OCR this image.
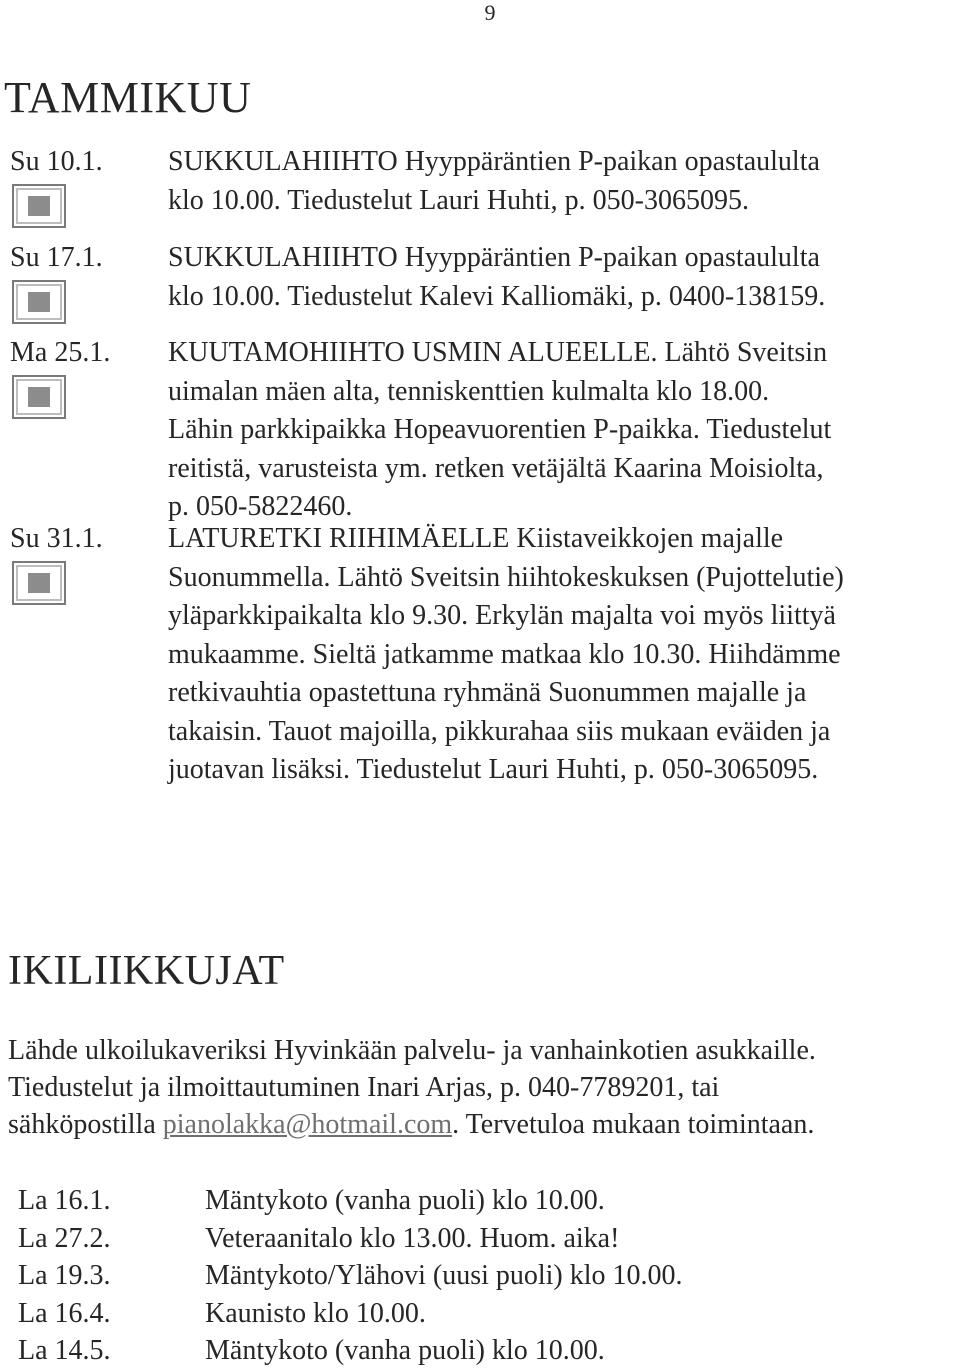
9
TAMMIKUU
Su 10.1. SUKKULAHIIHTO Hyyppäräntien P-paikan opastaululta
klo 10.00. Tiedustelut Lauri Huhti, p. 050-3065095.

Su 17.1. SUKKULAHIIHTO Hyyppäräntien P-paikan opastaululta
klo 10.00. Tiedustelut Kalevi Kalliomäki, p. 0400-138159.

Ma 25.1. KUUTAMOHIIHTO USMIN ALUEELLE. Lähtö Sveitsin
uimalan mäen alta, tenniskenttien kulmalta klo 18.00.
Lähin parkkipaikka Hopeavuorentien P-paikka. Tiedustelut
reitistä, varusteista ym. retken vetäjältä Kaarina Moisiolta,
p. 050-5822460.

Su 31.1. LATURETKI RIIHIMÄELLE Kiistaveikkojen majalle
Suonummella. Lähtö Sveitsin hiihtokeskuksen (Pujottelutie)
yläparkkipaikalta klo 9.30. Erkylän majalta voi myös liittyä
mukaamme. Sieltä jatkamme matkaa klo 10.30. Hiihdämme
retkivauhtia opastettuna ryhmänä Suonummen majalle ja
takaisin. Tauot majoilla, pikkurahaa siis mukaan eväiden ja
juotavan lisäksi. Tiedustelut Lauri Huhti, p. 050-3065095.

IKILIIKKUJAT

Lähde ulkoilukaveriksi Hyvinkään palvelu- ja vanhainkotien asukkaille.
Tiedustelut ja ilmoittautuminen Inari Arjas, p. 040-7789201, tai
sähköpostilla pianolakka@hotmail.com. Tervetuloa mukaan toimintaan.

La 16.1.	Mäntykoto (vanha puoli) klo 10.00.
La 27.2.	Veteraanitalo klo 13.00. Huom. aika!
La 19.3.	Mäntykoto/Ylähovi (uusi puoli) klo 10.00.
La 16.4.	Kaunisto klo 10.00.
La 14.5.	Mäntykoto (vanha puoli) klo 10.00.
